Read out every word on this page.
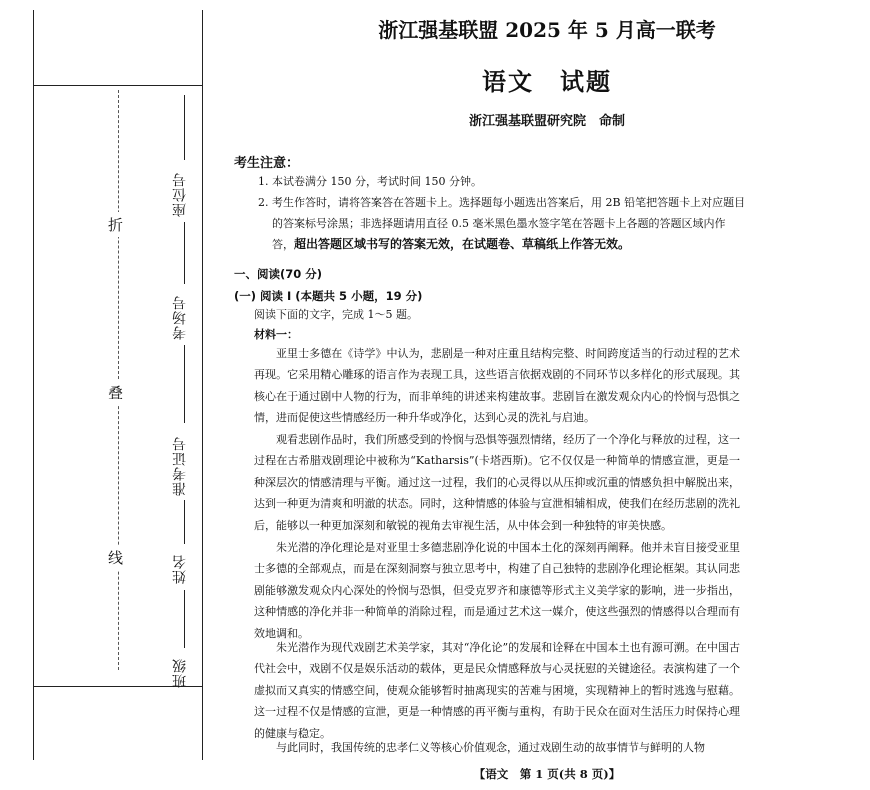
折
叠
线
座位号
考场号
准考证号
姓名
班级
浙江强基联盟 2025 年 5 月高一联考
语文　试题
浙江强基联盟研究院　命制
考生注意：
1. 本试卷满分 150 分，考试时间 150 分钟。
2. 考生作答时，请将答案答在答题卡上。选择题每小题选出答案后，用 2B 铅笔把答题卡上对应题目的答案标号涂黑；非选择题请用直径 0.5 毫米黑色墨水签字笔在答题卡上各题的答题区域内作答，超出答题区域书写的答案无效，在试题卷、草稿纸上作答无效。
一、阅读(70 分)
(一) 阅读 I (本题共 5 小题，19 分)
阅读下面的文字，完成 1～5 题。
材料一：
亚里士多德在《诗学》中认为，悲剧是一种对庄重且结构完整、时间跨度适当的行动过程的艺术再现。它采用精心雕琢的语言作为表现工具，这些语言依据戏剧的不同环节以多样化的形式展现。其核心在于通过剧中人物的行为，而非单纯的讲述来构建故事。悲剧旨在激发观众内心的怜悯与恐惧之情，进而促使这些情感经历一种升华或净化，达到心灵的洗礼与启迪。
观看悲剧作品时，我们所感受到的怜悯与恐惧等强烈情绪，经历了一个净化与释放的过程，这一过程在古希腊戏剧理论中被称为“Katharsis”(卡塔西斯)。它不仅仅是一种简单的情感宣泄，更是一种深层次的情感清理与平衡。通过这一过程，我们的心灵得以从压抑或沉重的情感负担中解脱出来，达到一种更为清爽和明澈的状态。同时，这种情感的体验与宣泄相辅相成，使我们在经历悲剧的洗礼后，能够以一种更加深刻和敏锐的视角去审视生活，从中体会到一种独特的审美快感。
朱光潜的净化理论是对亚里士多德悲剧净化说的中国本土化的深刻再阐释。他并未盲目接受亚里士多德的全部观点，而是在深刻洞察与独立思考中，构建了自己独特的悲剧净化理论框架。其认同悲剧能够激发观众内心深处的怜悯与恐惧，但受克罗齐和康德等形式主义美学家的影响，进一步指出，这种情感的净化并非一种简单的消除过程，而是通过艺术这一媒介，使这些强烈的情感得以合理而有效地调和。
朱光潜作为现代戏剧艺术美学家，其对“净化论”的发展和诠释在中国本土也有源可溯。在中国古代社会中，戏剧不仅是娱乐活动的载体，更是民众情感释放与心灵抚慰的关键途径。表演构建了一个虚拟而又真实的情感空间，使观众能够暂时抽离现实的苦难与困境，实现精神上的暂时逃逸与慰藉。这一过程不仅是情感的宣泄，更是一种情感的再平衡与重构，有助于民众在面对生活压力时保持心理的健康与稳定。
与此同时，我国传统的忠孝仁义等核心价值观念，通过戏剧生动的故事情节与鲜明的人物
【语文　第 1 页(共 8 页)】
